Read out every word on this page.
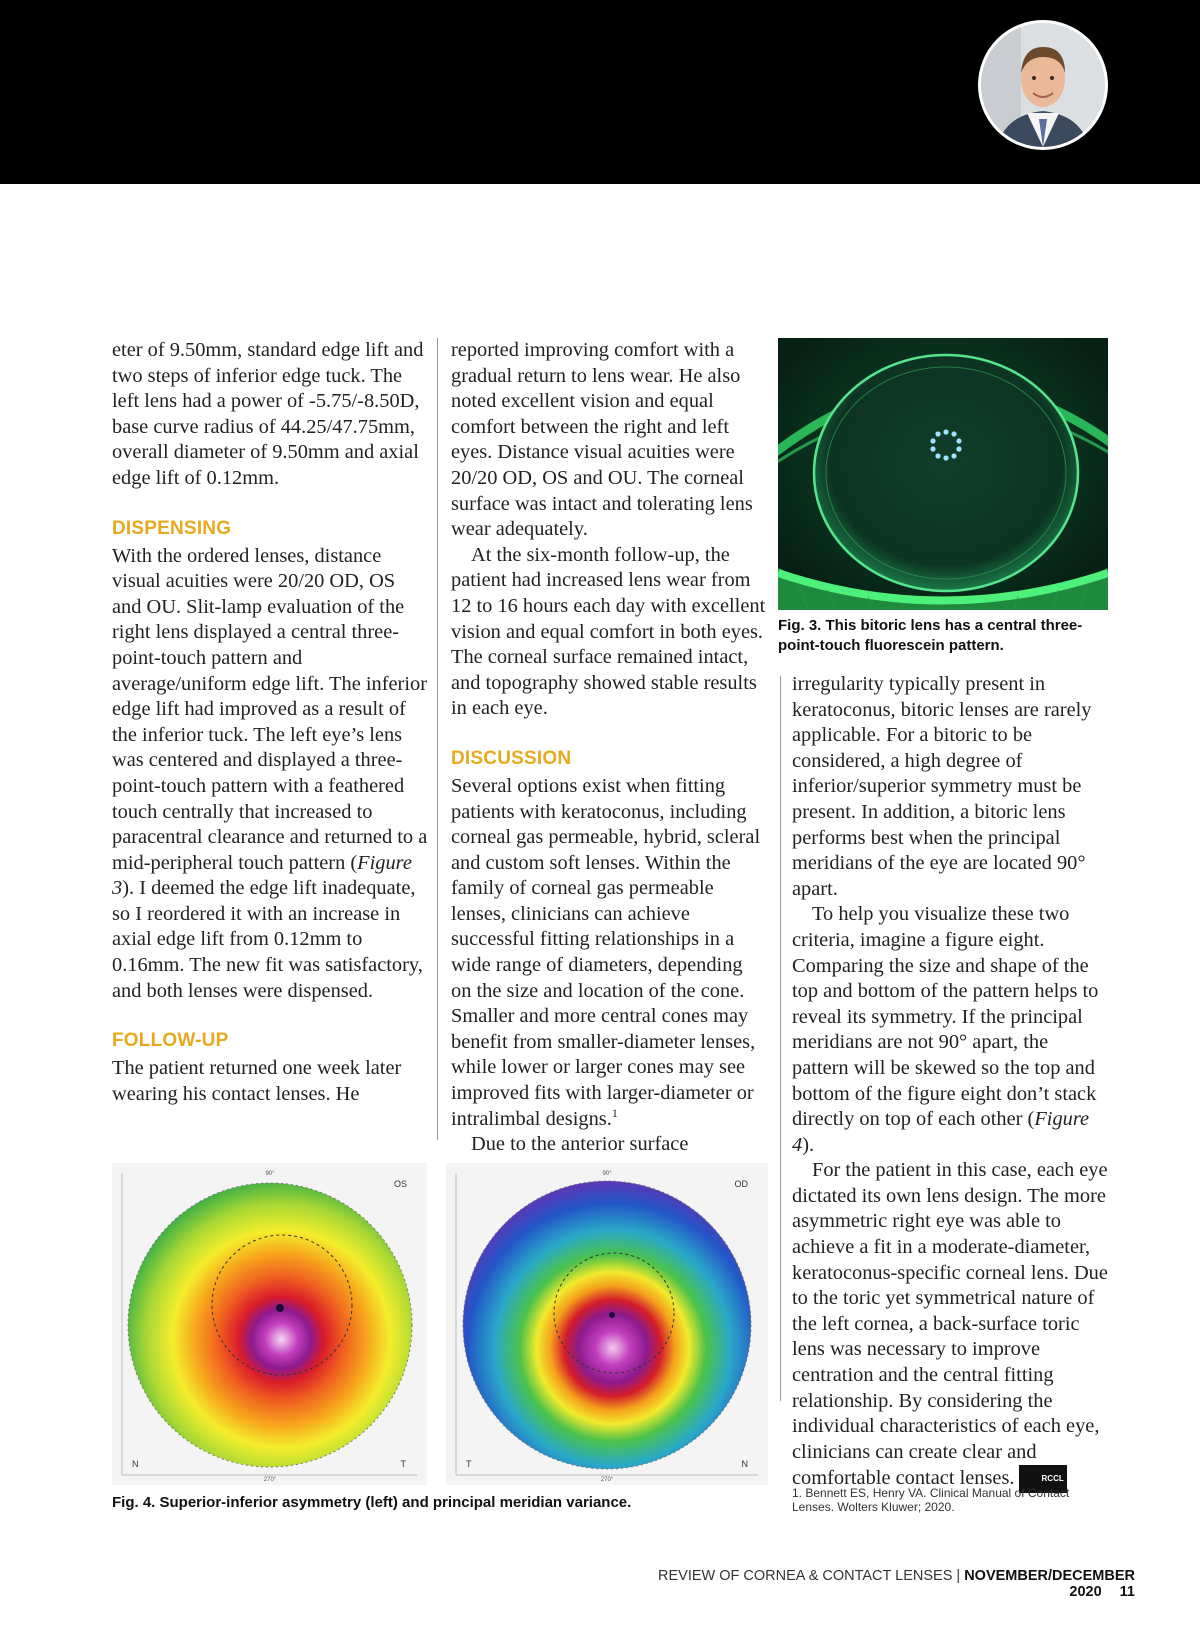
eter of 9.50mm, standard edge lift and two steps of inferior edge tuck. The left lens had a power of -5.75/-8.50D, base curve radius of 44.25/47.75mm, overall diameter of 9.50mm and axial edge lift of 0.12mm.

DISPENSING

With the ordered lenses, distance visual acuities were 20/20 OD, OS and OU. Slit-lamp evaluation of the right lens displayed a central three-point-touch pattern and average/uniform edge lift. The inferior edge lift had improved as a result of the inferior tuck. The left eye’s lens was centered and displayed a three-point-touch pattern with a feathered touch centrally that increased to paracentral clearance and returned to a mid-peripheral touch pattern (Figure 3). I deemed the edge lift inadequate, so I reordered it with an increase in axial edge lift from 0.12mm to 0.16mm. The new fit was satisfactory, and both lenses were dispensed.

FOLLOW-UP

The patient returned one week later wearing his contact lenses. He

reported improving comfort with a gradual return to lens wear. He also noted excellent vision and equal comfort between the right and left eyes. Distance visual acuities were 20/20 OD, OS and OU. The corneal surface was intact and tolerating lens wear adequately.

At the six-month follow-up, the patient had increased lens wear from 12 to 16 hours each day with excellent vision and equal comfort in both eyes. The corneal surface remained intact, and topography showed stable results in each eye.

DISCUSSION

Several options exist when fitting patients with keratoconus, including corneal gas permeable, hybrid, scleral and custom soft lenses. Within the family of corneal gas permeable lenses, clinicians can achieve successful fitting relationships in a wide range of diameters, depending on the size and location of the cone. Smaller and more central cones may benefit from smaller-diameter lenses, while lower or larger cones may see improved fits with larger-diameter or intralimbal designs.$^1$

Due to the anterior surface

Fig. 3. This bitoric lens has a central three-point-touch fluorescein pattern.

irregularity typically present in keratoconus, bitoric lenses are rarely applicable. For a bitoric to be considered, a high degree of inferior/superior symmetry must be present. In addition, a bitoric lens performs best when the principal meridians of the eye are located 90° apart.

To help you visualize these two criteria, imagine a figure eight. Comparing the size and shape of the top and bottom of the pattern helps to reveal its symmetry. If the principal meridians are not 90° apart, the pattern will be skewed so the top and bottom of the figure eight don’t stack directly on top of each other (Figure 4).

For the patient in this case, each eye dictated its own lens design. The more asymmetric right eye was able to achieve a fit in a moderate-diameter, keratoconus-specific corneal lens. Due to the toric yet symmetrical nature of the left cornea, a back-surface toric lens was necessary to improve centration and the central fitting relationship. By considering the individual characteristics of each eye, clinicians can create clear and comfortable contact lenses.	RCCL

OS
N	T
90°
270°
OD
T	N
90°
270°
Fig. 4. Superior-inferior asymmetry (left) and principal meridian variance.
1. Bennett ES, Henry VA. Clinical Manual of Contact Lenses. Wolters Kluwer; 2020.
REVIEW OF CORNEA & CONTACT LENSES | NOVEMBER/DECEMBER 2020 11
